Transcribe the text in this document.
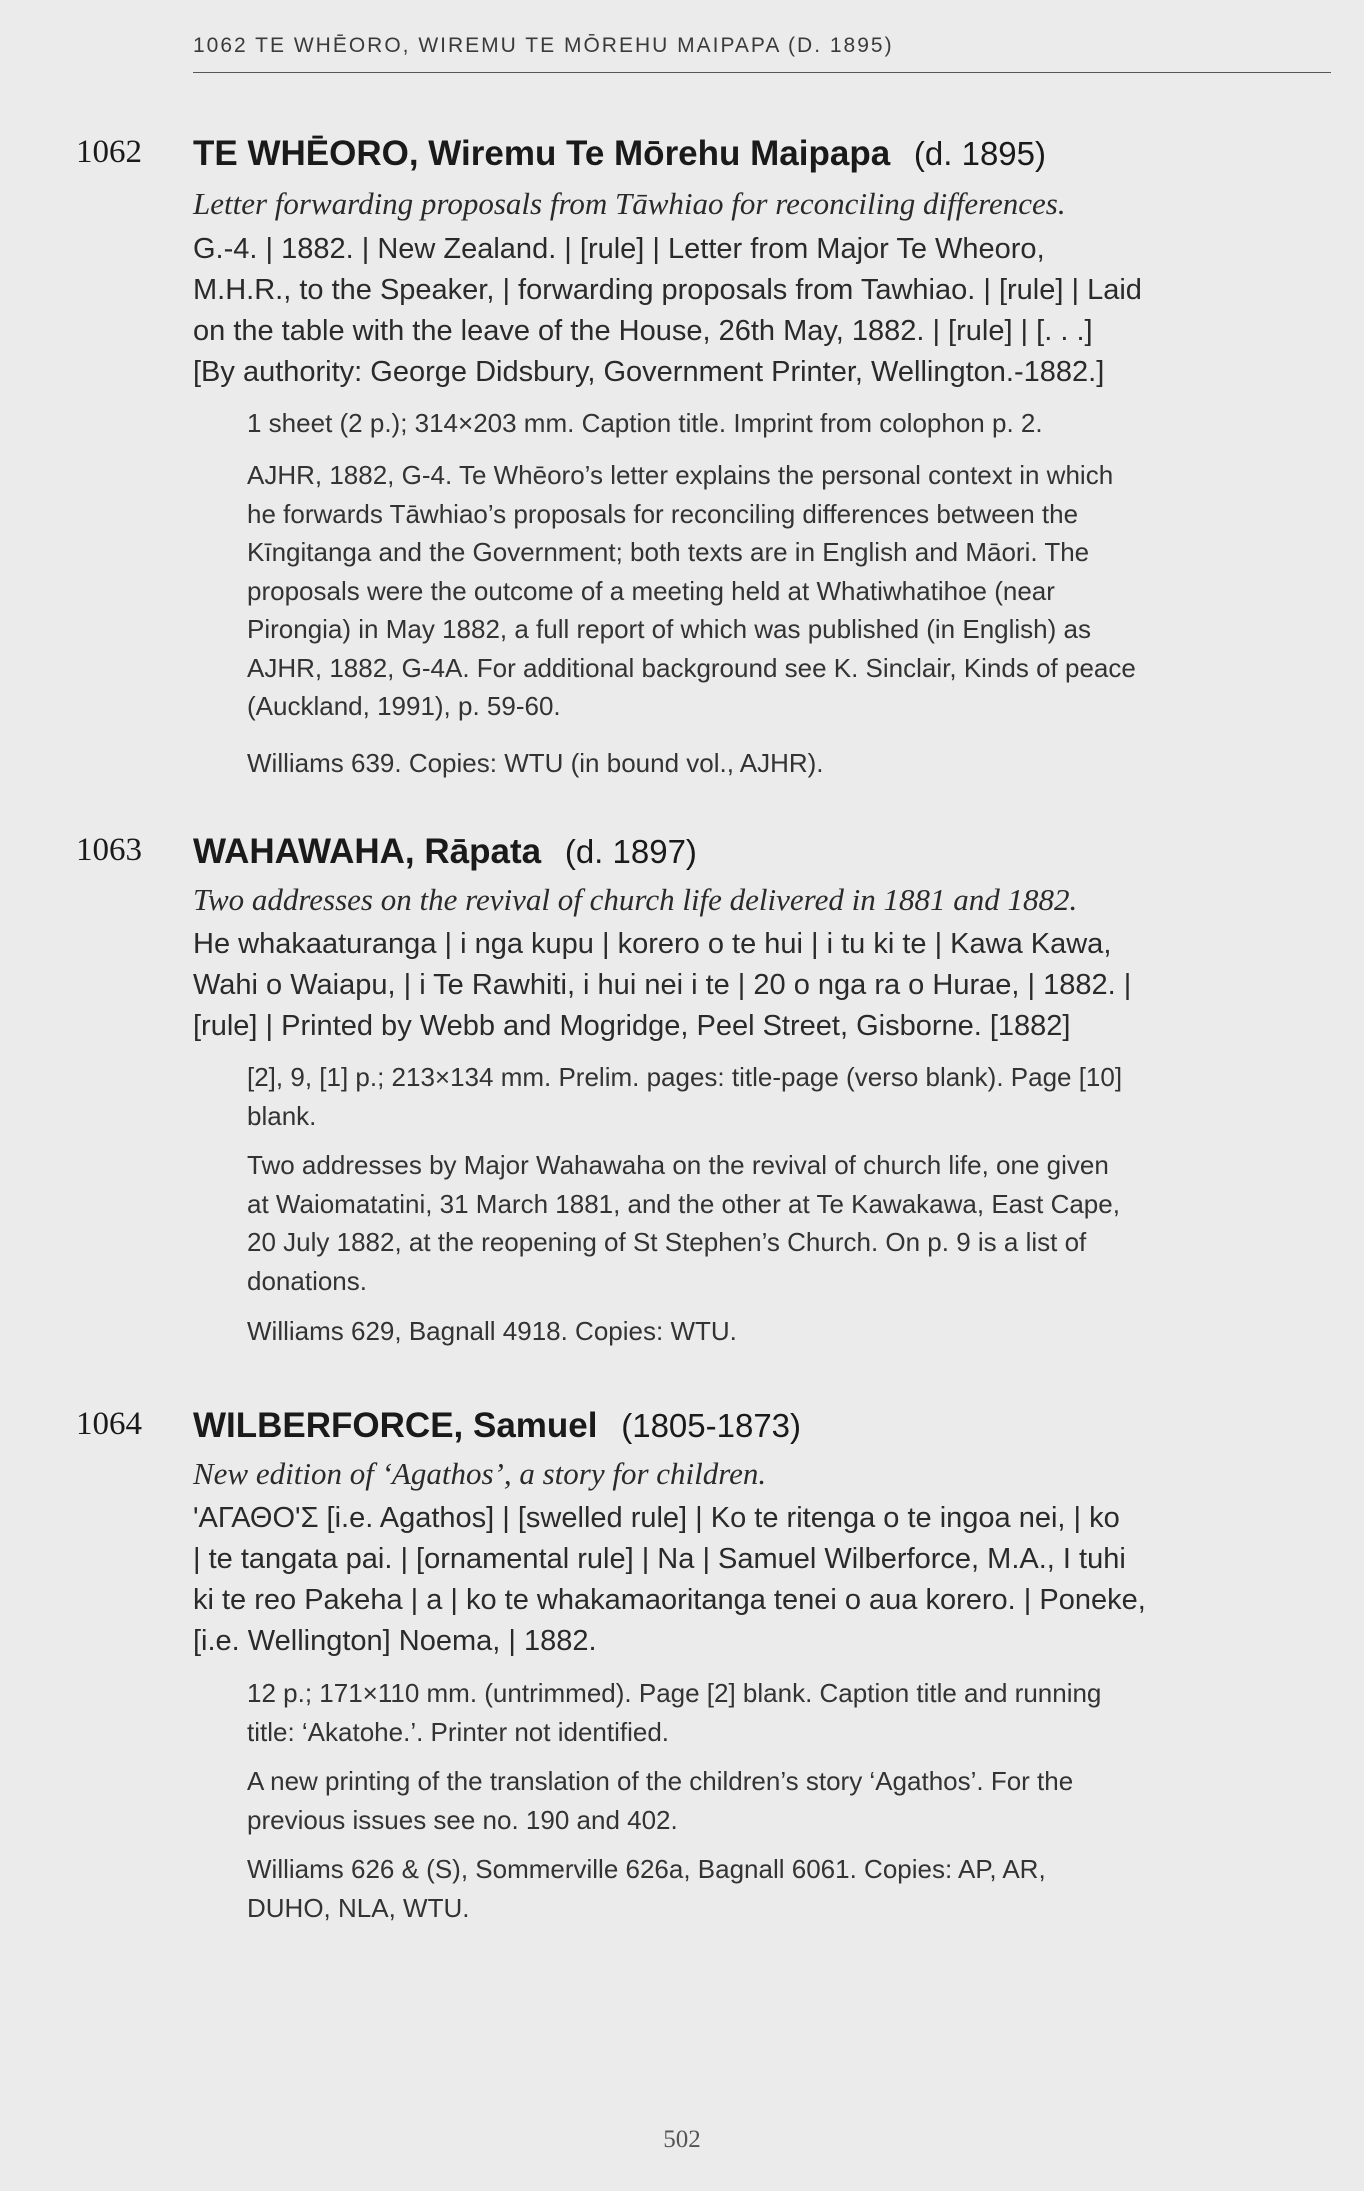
1062 TE WHĒORO, WIREMU TE MŌREHU MAIPAPA (D. 1895)
1062 TE WHĒORO, Wiremu Te Mōrehu Maipapa (d. 1895)
Letter forwarding proposals from Tāwhiao for reconciling differences.
G.-4. | 1882. | New Zealand. | [rule] | Letter from Major Te Wheoro,
M.H.R., to the Speaker, | forwarding proposals from Tawhiao. | [rule] | Laid
on the table with the leave of the House, 26th May, 1882. | [rule] | [. . .]
[By authority: George Didsbury, Government Printer, Wellington.-1882.]
1 sheet (2 p.); 314×203 mm. Caption title. Imprint from colophon p. 2.
AJHR, 1882, G-4. Te Whēoro’s letter explains the personal context in which
he forwards Tāwhiao’s proposals for reconciling differences between the
Kīngitanga and the Government; both texts are in English and Māori. The
proposals were the outcome of a meeting held at Whatiwhatihoe (near
Pirongia) in May 1882, a full report of which was published (in English) as
AJHR, 1882, G-4A. For additional background see K. Sinclair, Kinds of peace
(Auckland, 1991), p. 59-60.
Williams 639. Copies: WTU (in bound vol., AJHR).
1063 WAHAWAHA, Rāpata (d. 1897)
Two addresses on the revival of church life delivered in 1881 and 1882.
He whakaaturanga | i nga kupu | korero o te hui | i tu ki te | Kawa Kawa,
Wahi o Waiapu, | i Te Rawhiti, i hui nei i te | 20 o nga ra o Hurae, | 1882. |
[rule] | Printed by Webb and Mogridge, Peel Street, Gisborne. [1882]
[2], 9, [1] p.; 213×134 mm. Prelim. pages: title-page (verso blank). Page [10]
blank.
Two addresses by Major Wahawaha on the revival of church life, one given
at Waiomatatini, 31 March 1881, and the other at Te Kawakawa, East Cape,
20 July 1882, at the reopening of St Stephen’s Church. On p. 9 is a list of
donations.
Williams 629, Bagnall 4918. Copies: WTU.
1064 WILBERFORCE, Samuel (1805-1873)
New edition of ‘Agathos’, a story for children.
ʹΑΓΑΘΟʹΣ [i.e. Agathos] | [swelled rule] | Ko te ritenga o te ingoa nei, | ko
| te tangata pai. | [ornamental rule] | Na | Samuel Wilberforce, M.A., I tuhi
ki te reo Pakeha | a | ko te whakamaoritanga tenei o aua korero. | Poneke,
[i.e. Wellington] Noema, | 1882.
12 p.; 171×110 mm. (untrimmed). Page [2] blank. Caption title and running
title: ‘Akatohe.’. Printer not identified.
A new printing of the translation of the children’s story ‘Agathos’. For the
previous issues see no. 190 and 402.
Williams 626 & (S), Sommerville 626a, Bagnall 6061. Copies: AP, AR,
DUHO, NLA, WTU.
502
